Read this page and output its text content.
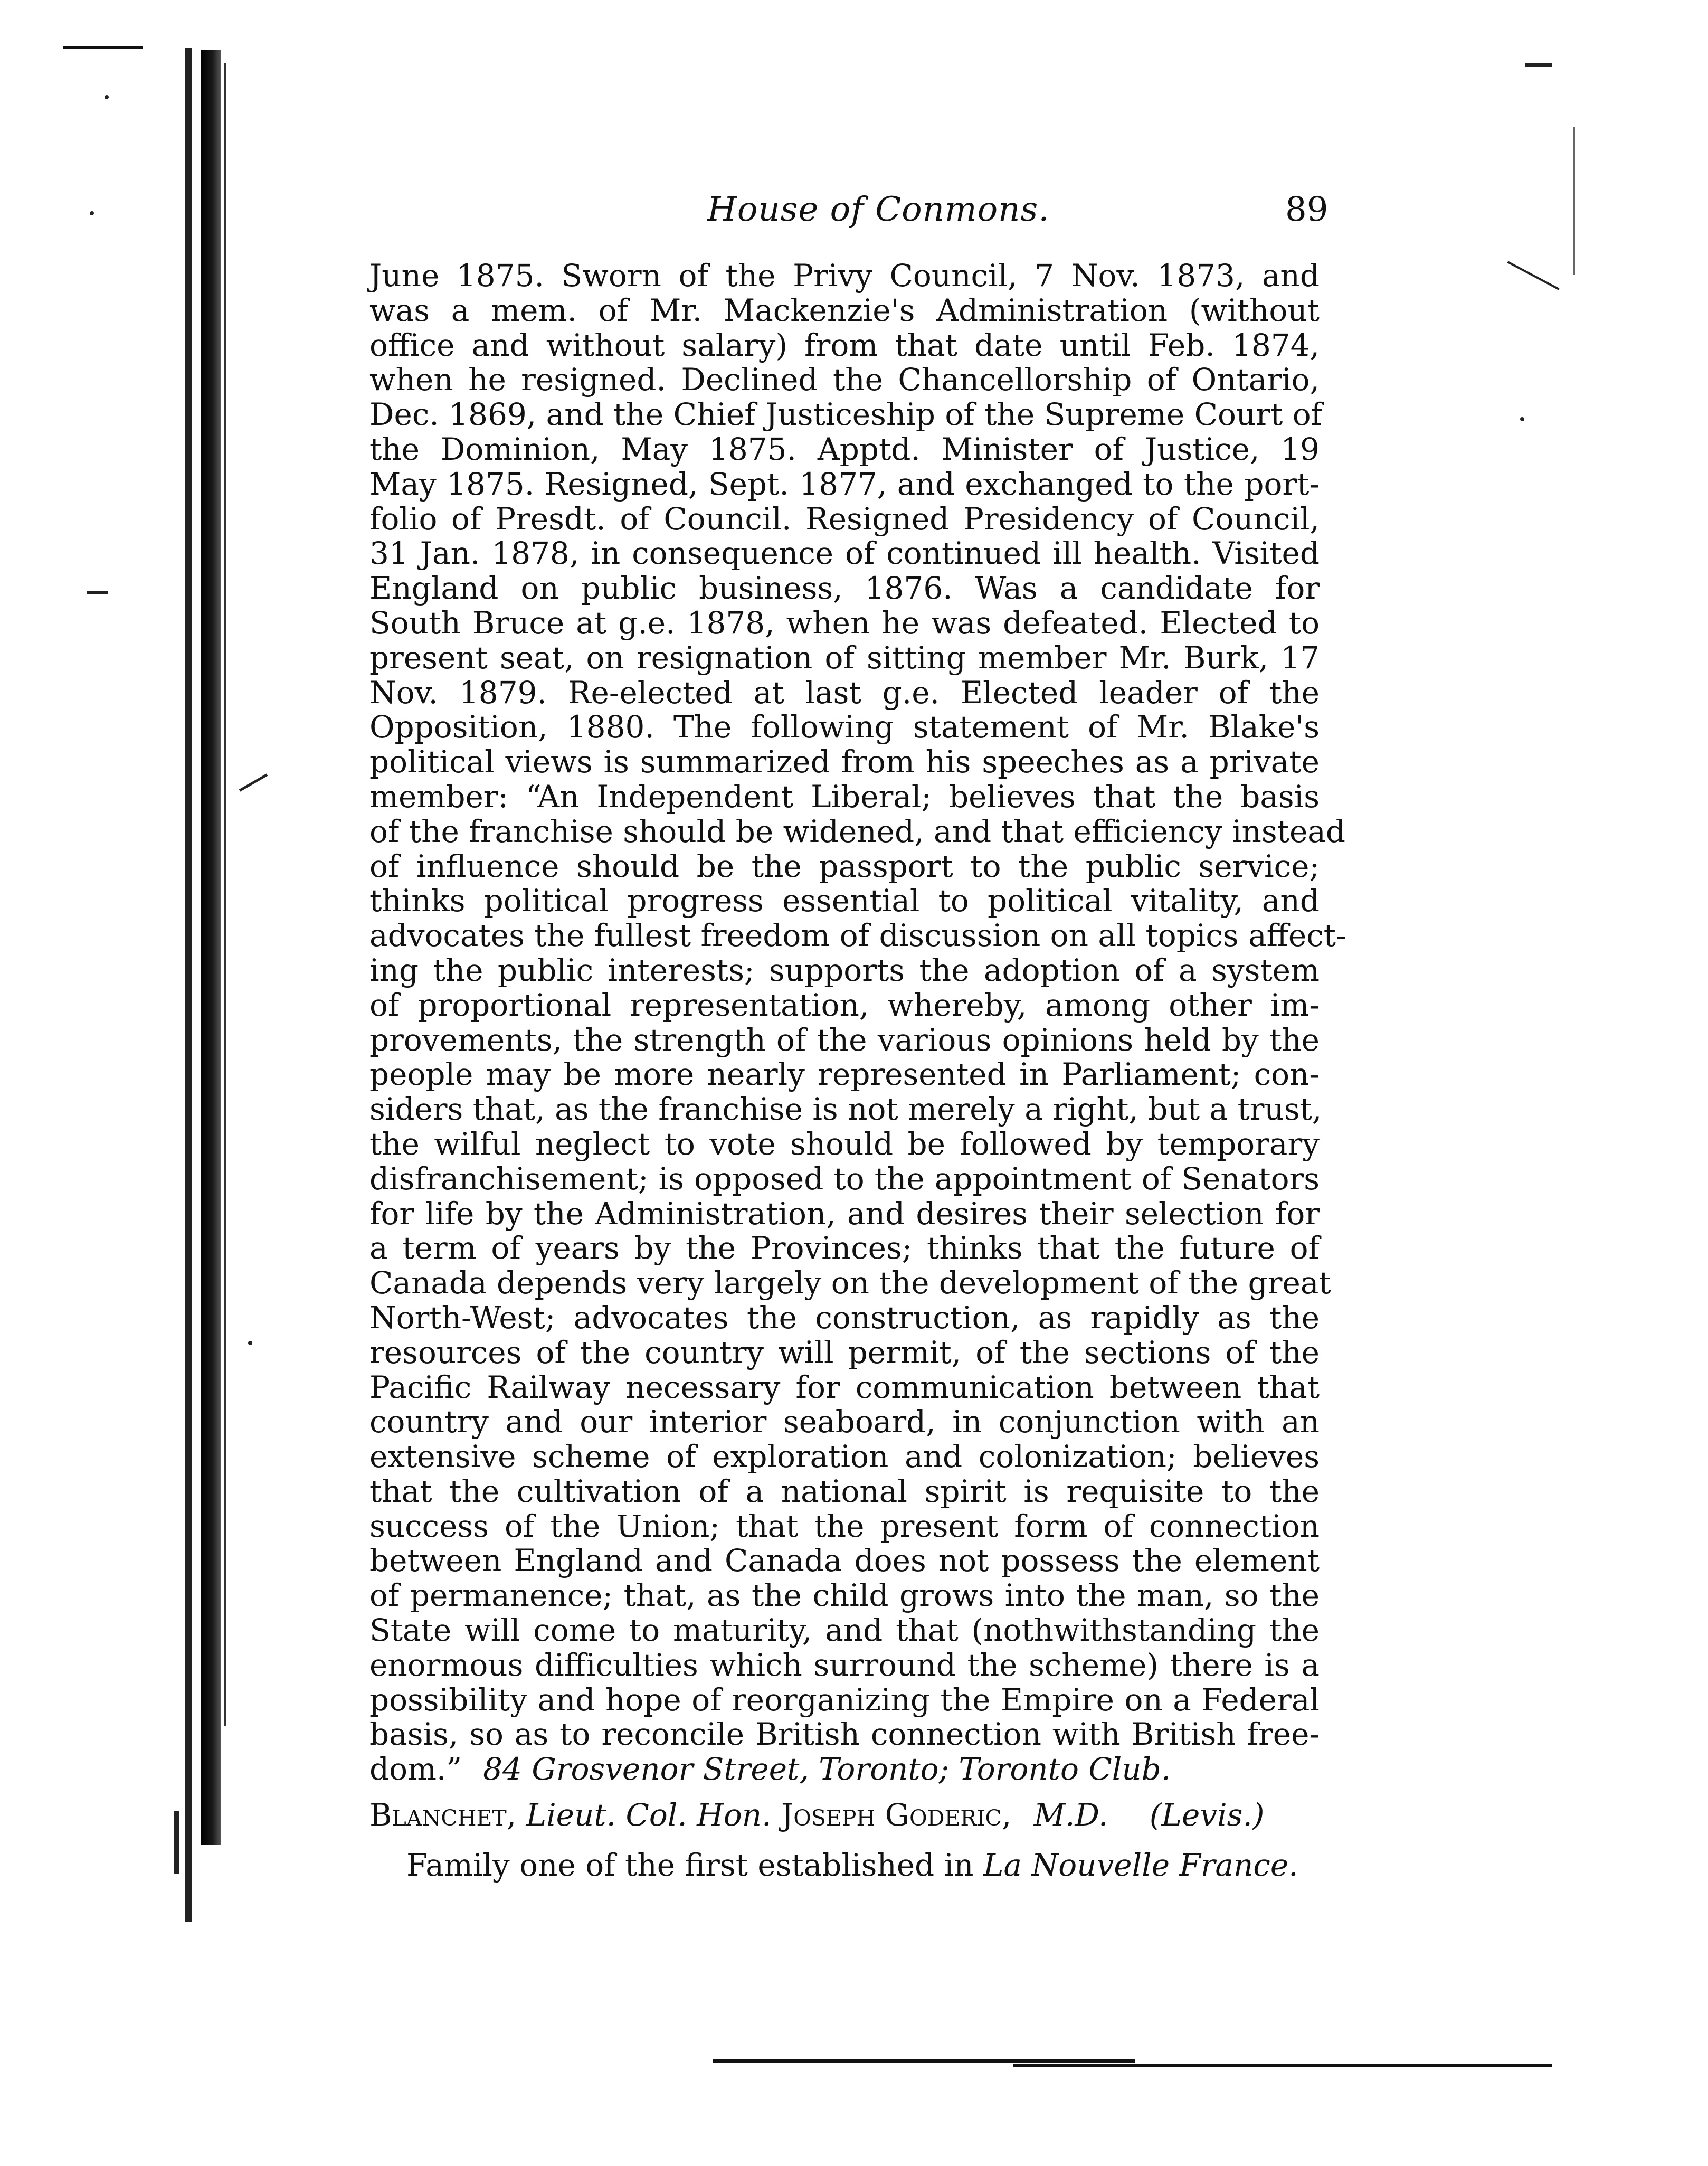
House of Conmons.	89
June 1875. Sworn of the Privy Council, 7 Nov. 1873, and
was a mem. of Mr. Mackenzie's Administration (without
office and without salary) from that date until Feb. 1874,
when he resigned. Declined the Chancellorship of Ontario,
Dec. 1869, and the Chief Justiceship of the Supreme Court of
the Dominion, May 1875. Apptd. Minister of Justice, 19
May 1875. Resigned, Sept. 1877, and exchanged to the port-
folio of Presdt. of Council. Resigned Presidency of Council,
31 Jan. 1878, in consequence of continued ill health. Visited
England on public business, 1876. Was a candidate for
South Bruce at g.e. 1878, when he was defeated. Elected to
present seat, on resignation of sitting member Mr. Burk, 17
Nov. 1879. Re-elected at last g.e. Elected leader of the
Opposition, 1880. The following statement of Mr. Blake's
political views is summarized from his speeches as a private
member: “An Independent Liberal; believes that the basis
of the franchise should be widened, and that efficiency instead
of influence should be the passport to the public service;
thinks political progress essential to political vitality, and
advocates the fullest freedom of discussion on all topics affect-
ing the public interests; supports the adoption of a system
of proportional representation, whereby, among other im-
provements, the strength of the various opinions held by the
people may be more nearly represented in Parliament; con-
siders that, as the franchise is not merely a right, but a trust,
the wilful neglect to vote should be followed by temporary
disfranchisement; is opposed to the appointment of Senators
for life by the Administration, and desires their selection for
a term of years by the Provinces; thinks that the future of
Canada depends very largely on the development of the great
North-West; advocates the construction, as rapidly as the
resources of the country will permit, of the sections of the
Pacific Railway necessary for communication between that
country and our interior seaboard, in conjunction with an
extensive scheme of exploration and colonization; believes
that the cultivation of a national spirit is requisite to the
success of the Union; that the present form of connection
between England and Canada does not possess the element
of permanence; that, as the child grows into the man, so the
State will come to maturity, and that (nothwithstanding the
enormous difficulties which surround the scheme) there is a
possibility and hope of reorganizing the Empire on a Federal
basis, so as to reconcile British connection with British free-
dom.” 84 Grosvenor Street, Toronto; Toronto Club.
Blanchet, Lieut. Col. Hon. Joseph Goderic, M.D. (Levis.)
Family one of the first established in La Nouvelle France.
